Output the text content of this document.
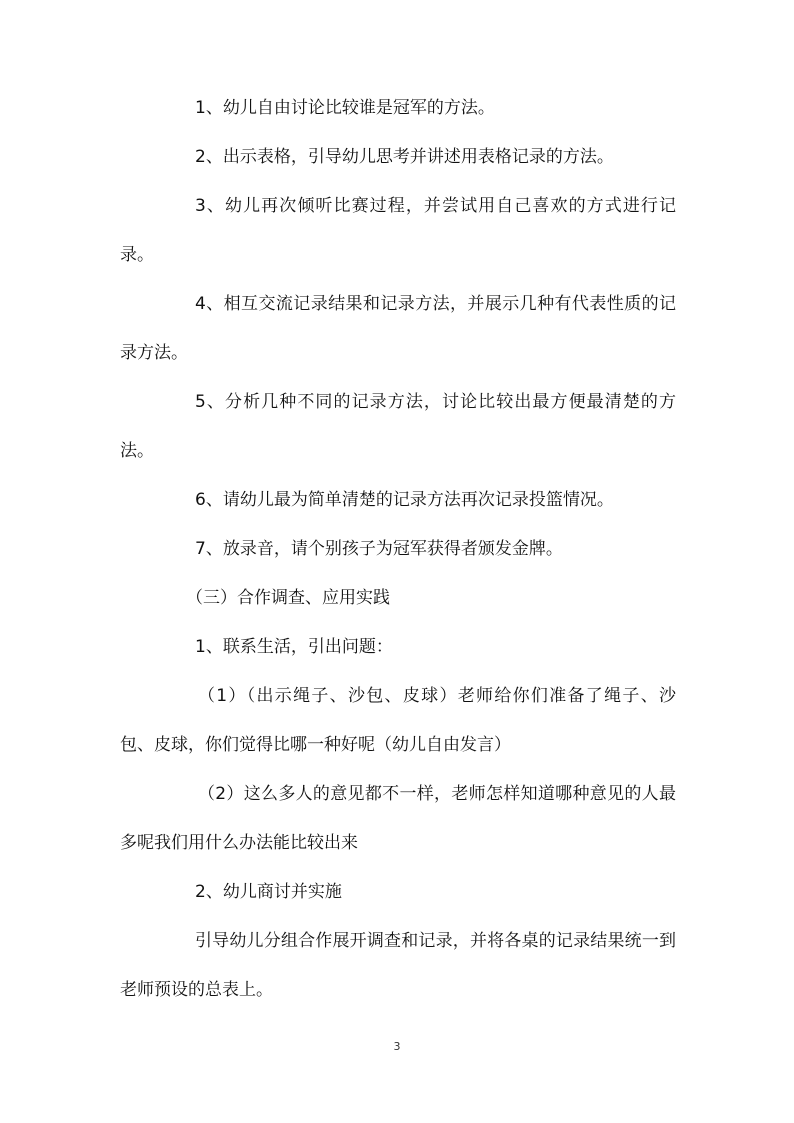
1、幼儿自由讨论比较谁是冠军的方法。

2、出示表格，引导幼儿思考并讲述用表格记录的方法。

3、幼儿再次倾听比赛过程，并尝试用自己喜欢的方式进行记录。

4、相互交流记录结果和记录方法，并展示几种有代表性质的记录方法。

5、分析几种不同的记录方法，讨论比较出最方便最清楚的方法。

6、请幼儿最为简单清楚的记录方法再次记录投篮情况。

7、放录音，请个别孩子为冠军获得者颁发金牌。

（三）合作调查、应用实践

1、联系生活，引出问题：

（1）（出示绳子、沙包、皮球）老师给你们准备了绳子、沙包、皮球，你们觉得比哪一种好呢（幼儿自由发言）

（2）这么多人的意见都不一样，老师怎样知道哪种意见的人最多呢我们用什么办法能比较出来

2、幼儿商讨并实施

引导幼儿分组合作展开调查和记录，并将各桌的记录结果统一到老师预设的总表上。

3
